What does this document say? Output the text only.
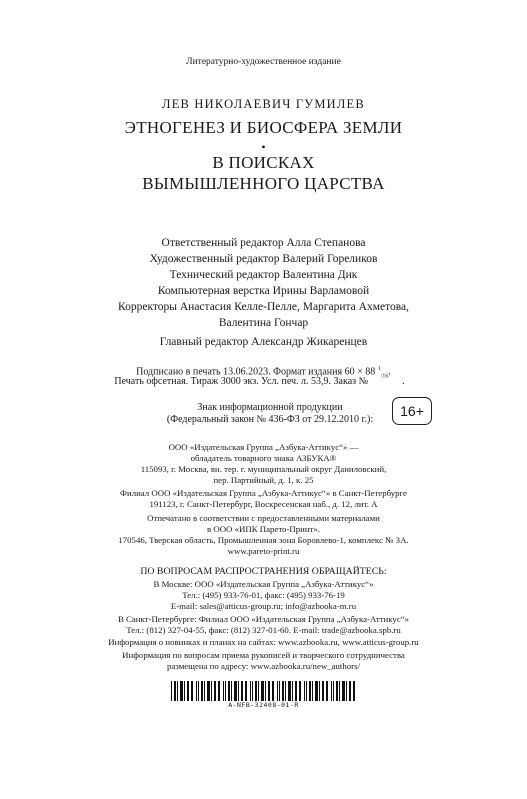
Литературно-художественное издание
ЛЕВ НИКОЛАЕВИЧ ГУМИЛЕВ
ЭТНОГЕНЕЗ И БИОСФЕРА ЗЕМЛИ
•
В ПОИСКАХ
ВЫМЫШЛЕННОГО ЦАРСТВА
Ответственный редактор Алла Степанова
Художественный редактор Валерий Гореликов
Технический редактор Валентина Дик
Компьютерная верстка Ирины Варламовой
Корректоры Анастасия Келле-Пелле, Маргарита Ахметова,
Валентина Гончар
Главный редактор Александр Жикаренцев
Подписано в печать 13.06.2023. Формат издания 60 × 88 $^1_{/16}$.
Печать офсетная. Тираж 3000 экз. Усл. печ. л. 53,9. Заказ №	.
Знак информационной продукции
(Федеральный закон № 436-ФЗ от 29.12.2010 г.):	16+
ООО «Издательская Группа „Азбука-Аттикус“» —
обладатель товарного знака АЗБУКА®
115093, г. Москва, вн. тер. г. муниципальный округ Даниловский,
пер. Партийный, д. 1, к. 25
Филиал ООО «Издательская Группа „Азбука-Аттикус“» в Санкт-Петербурге
191123, г. Санкт-Петербург, Воскресенская наб., д. 12, лит. А
Отпечатано в соответствии с предоставленными материалами
в ООО «ИПК Парето-Принт».
170546, Тверская область, Промышленная зона Боровлево-1, комплекс № 3А.
www.pareto-print.ru
ПО ВОПРОСАМ РАСПРОСТРАНЕНИЯ ОБРАЩАЙТЕСЬ:
В Москве: ООО «Издательская Группа „Азбука-Аттикус“»
Тел.: (495) 933-76-01, факс: (495) 933-76-19
E-mail: sales@atticus-group.ru; info@azbooka-m.ru
В Санкт-Петербурге: Филиал ООО «Издательская Группа „Азбука-Аттикус“»
Тел.: (812) 327-04-55, факс: (812) 327-01-60. E-mail: trade@azbooka.spb.ru
Информация о новинках и планах на сайтах: www.azbooka.ru, www.atticus-group.ru
Информация по вопросам приема рукописей и творческого сотрудничества
размещена по адресу: www.azbooka.ru/new_authors/
A-NFB-32408-01-R
